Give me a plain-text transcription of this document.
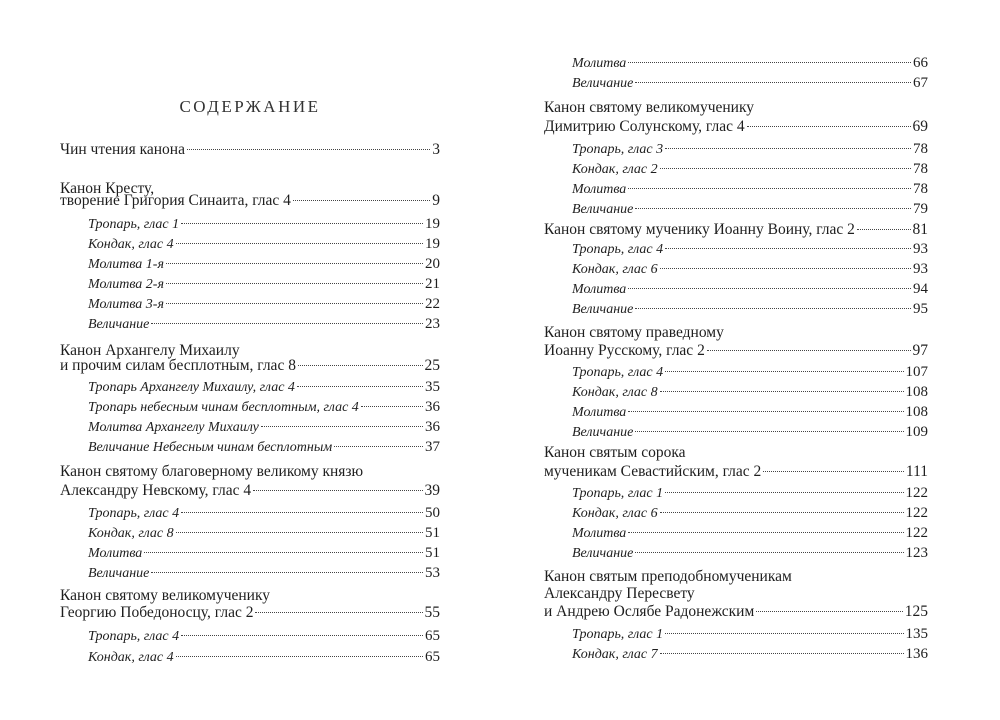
СОДЕРЖАНИЕ
Чин чтения канона	3
Канон Кресту,
творение Григория Синаита, глас 4	9
Тропарь, глас 1	19
Кондак, глас 4	19
Молитва 1-я	20
Молитва 2-я	21
Молитва 3-я	22
Величание	23
Канон Архангелу Михаилу
и прочим силам бесплотным, глас 8	25
Тропарь Архангелу Михаилу, глас 4	35
Тропарь небесным чинам бесплотным, глас 4	36
Молитва Архангелу Михаилу	36
Величание Небесным чинам бесплотным	37
Канон святому благоверному великому князю
Александру Невскому, глас 4	39
Тропарь, глас 4	50
Кондак, глас 8	51
Молитва	51
Величание	53
Канон святому великомученику
Георгию Победоносцу, глас 2	55
Тропарь, глас 4	65
Кондак, глас 4	65
Молитва	66
Величание	67
Канон святому великомученику
Димитрию Солунскому, глас 4	69
Тропарь, глас 3	78
Кондак, глас 2	78
Молитва	78
Величание	79
Канон святому мученику Иоанну Воину, глас 2	81
Тропарь, глас 4	93
Кондак, глас 6	93
Молитва	94
Величание	95
Канон святому праведному
Иоанну Русскому, глас 2	97
Тропарь, глас 4	107
Кондак, глас 8	108
Молитва	108
Величание	109
Канон святым сорока
мученикам Севастийским, глас 2	111
Тропарь, глас 1	122
Кондак, глас 6	122
Молитва	122
Величание	123
Канон святым преподобномученикам
Александру Пересвету
и Андрею Ослябе Радонежским	125
Тропарь, глас 1	135
Кондак, глас 7	136
